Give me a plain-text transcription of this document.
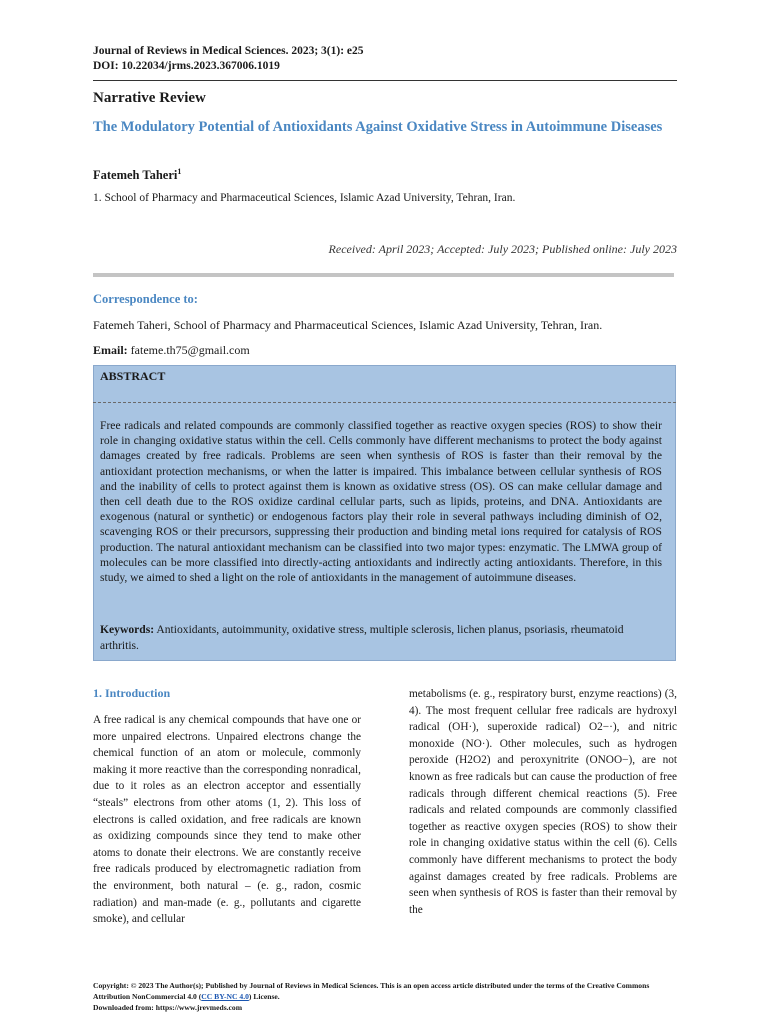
Journal of Reviews in Medical Sciences. 2023; 3(1): e25
DOI: 10.22034/jrms.2023.367006.1019
Narrative Review
The Modulatory Potential of Antioxidants Against Oxidative Stress in Autoimmune Diseases
Fatemeh Taheri$^1$
1. School of Pharmacy and Pharmaceutical Sciences, Islamic Azad University, Tehran, Iran.
Received: April 2023; Accepted: July 2023; Published online: July 2023
Correspondence to:
Fatemeh Taheri, School of Pharmacy and Pharmaceutical Sciences, Islamic Azad University, Tehran, Iran.
Email: fateme.th75@gmail.com
ABSTRACT
Free radicals and related compounds are commonly classified together as reactive oxygen species (ROS) to show their role in changing oxidative status within the cell. Cells commonly have different mechanisms to protect the body against damages created by free radicals. Problems are seen when synthesis of ROS is faster than their removal by the antioxidant protection mechanisms, or when the latter is impaired. This imbalance between cellular synthesis of ROS and the inability of cells to protect against them is known as oxidative stress (OS). OS can make cellular damage and then cell death due to the ROS oxidize cardinal cellular parts, such as lipids, proteins, and DNA. Antioxidants are exogenous (natural or synthetic) or endogenous factors play their role in several pathways including diminish of O2, scavenging ROS or their precursors, suppressing their production and binding metal ions required for catalysis of ROS production. The natural antioxidant mechanism can be classified into two major types: enzymatic. The LMWA group of molecules can be more classified into directly-acting antioxidants and indirectly acting antioxidants. Therefore, in this study, we aimed to shed a light on the role of antioxidants in the management of autoimmune diseases.
Keywords: Antioxidants, autoimmunity, oxidative stress, multiple sclerosis, lichen planus, psoriasis, rheumatoid arthritis.
1. Introduction
A free radical is any chemical compounds that have one or more unpaired electrons. Unpaired electrons change the chemical function of an atom or molecule, commonly making it more reactive than the corresponding nonradical, due to it roles as an electron acceptor and essentially “steals” electrons from other atoms (1, 2). This loss of electrons is called oxidation, and free radicals are known as oxidizing compounds since they tend to make other atoms to donate their electrons. We are constantly receive free radicals produced by electromagnetic radiation from the environment, both natural – (e. g., radon, cosmic radiation) and man-made (e. g., pollutants and cigarette smoke), and cellular
metabolisms (e. g., respiratory burst, enzyme reactions) (3, 4). The most frequent cellular free radicals are hydroxyl radical (OH·), superoxide radical) O2−·), and nitric monoxide (NO·). Other molecules, such as hydrogen peroxide (H2O2) and peroxynitrite (ONOO−), are not known as free radicals but can cause the production of free radicals through different chemical reactions (5). Free radicals and related compounds are commonly classified together as reactive oxygen species (ROS) to show their role in changing oxidative status within the cell (6). Cells commonly have different mechanisms to protect the body against damages created by free radicals. Problems are seen when synthesis of ROS is faster than their removal by the
Copyright: © 2023 The Author(s); Published by Journal of Reviews in Medical Sciences. This is an open access article distributed under the terms of the Creative Commons Attribution NonCommercial 4.0 (CC BY-NC 4.0) License.
Downloaded from: https://www.jrevmeds.com
